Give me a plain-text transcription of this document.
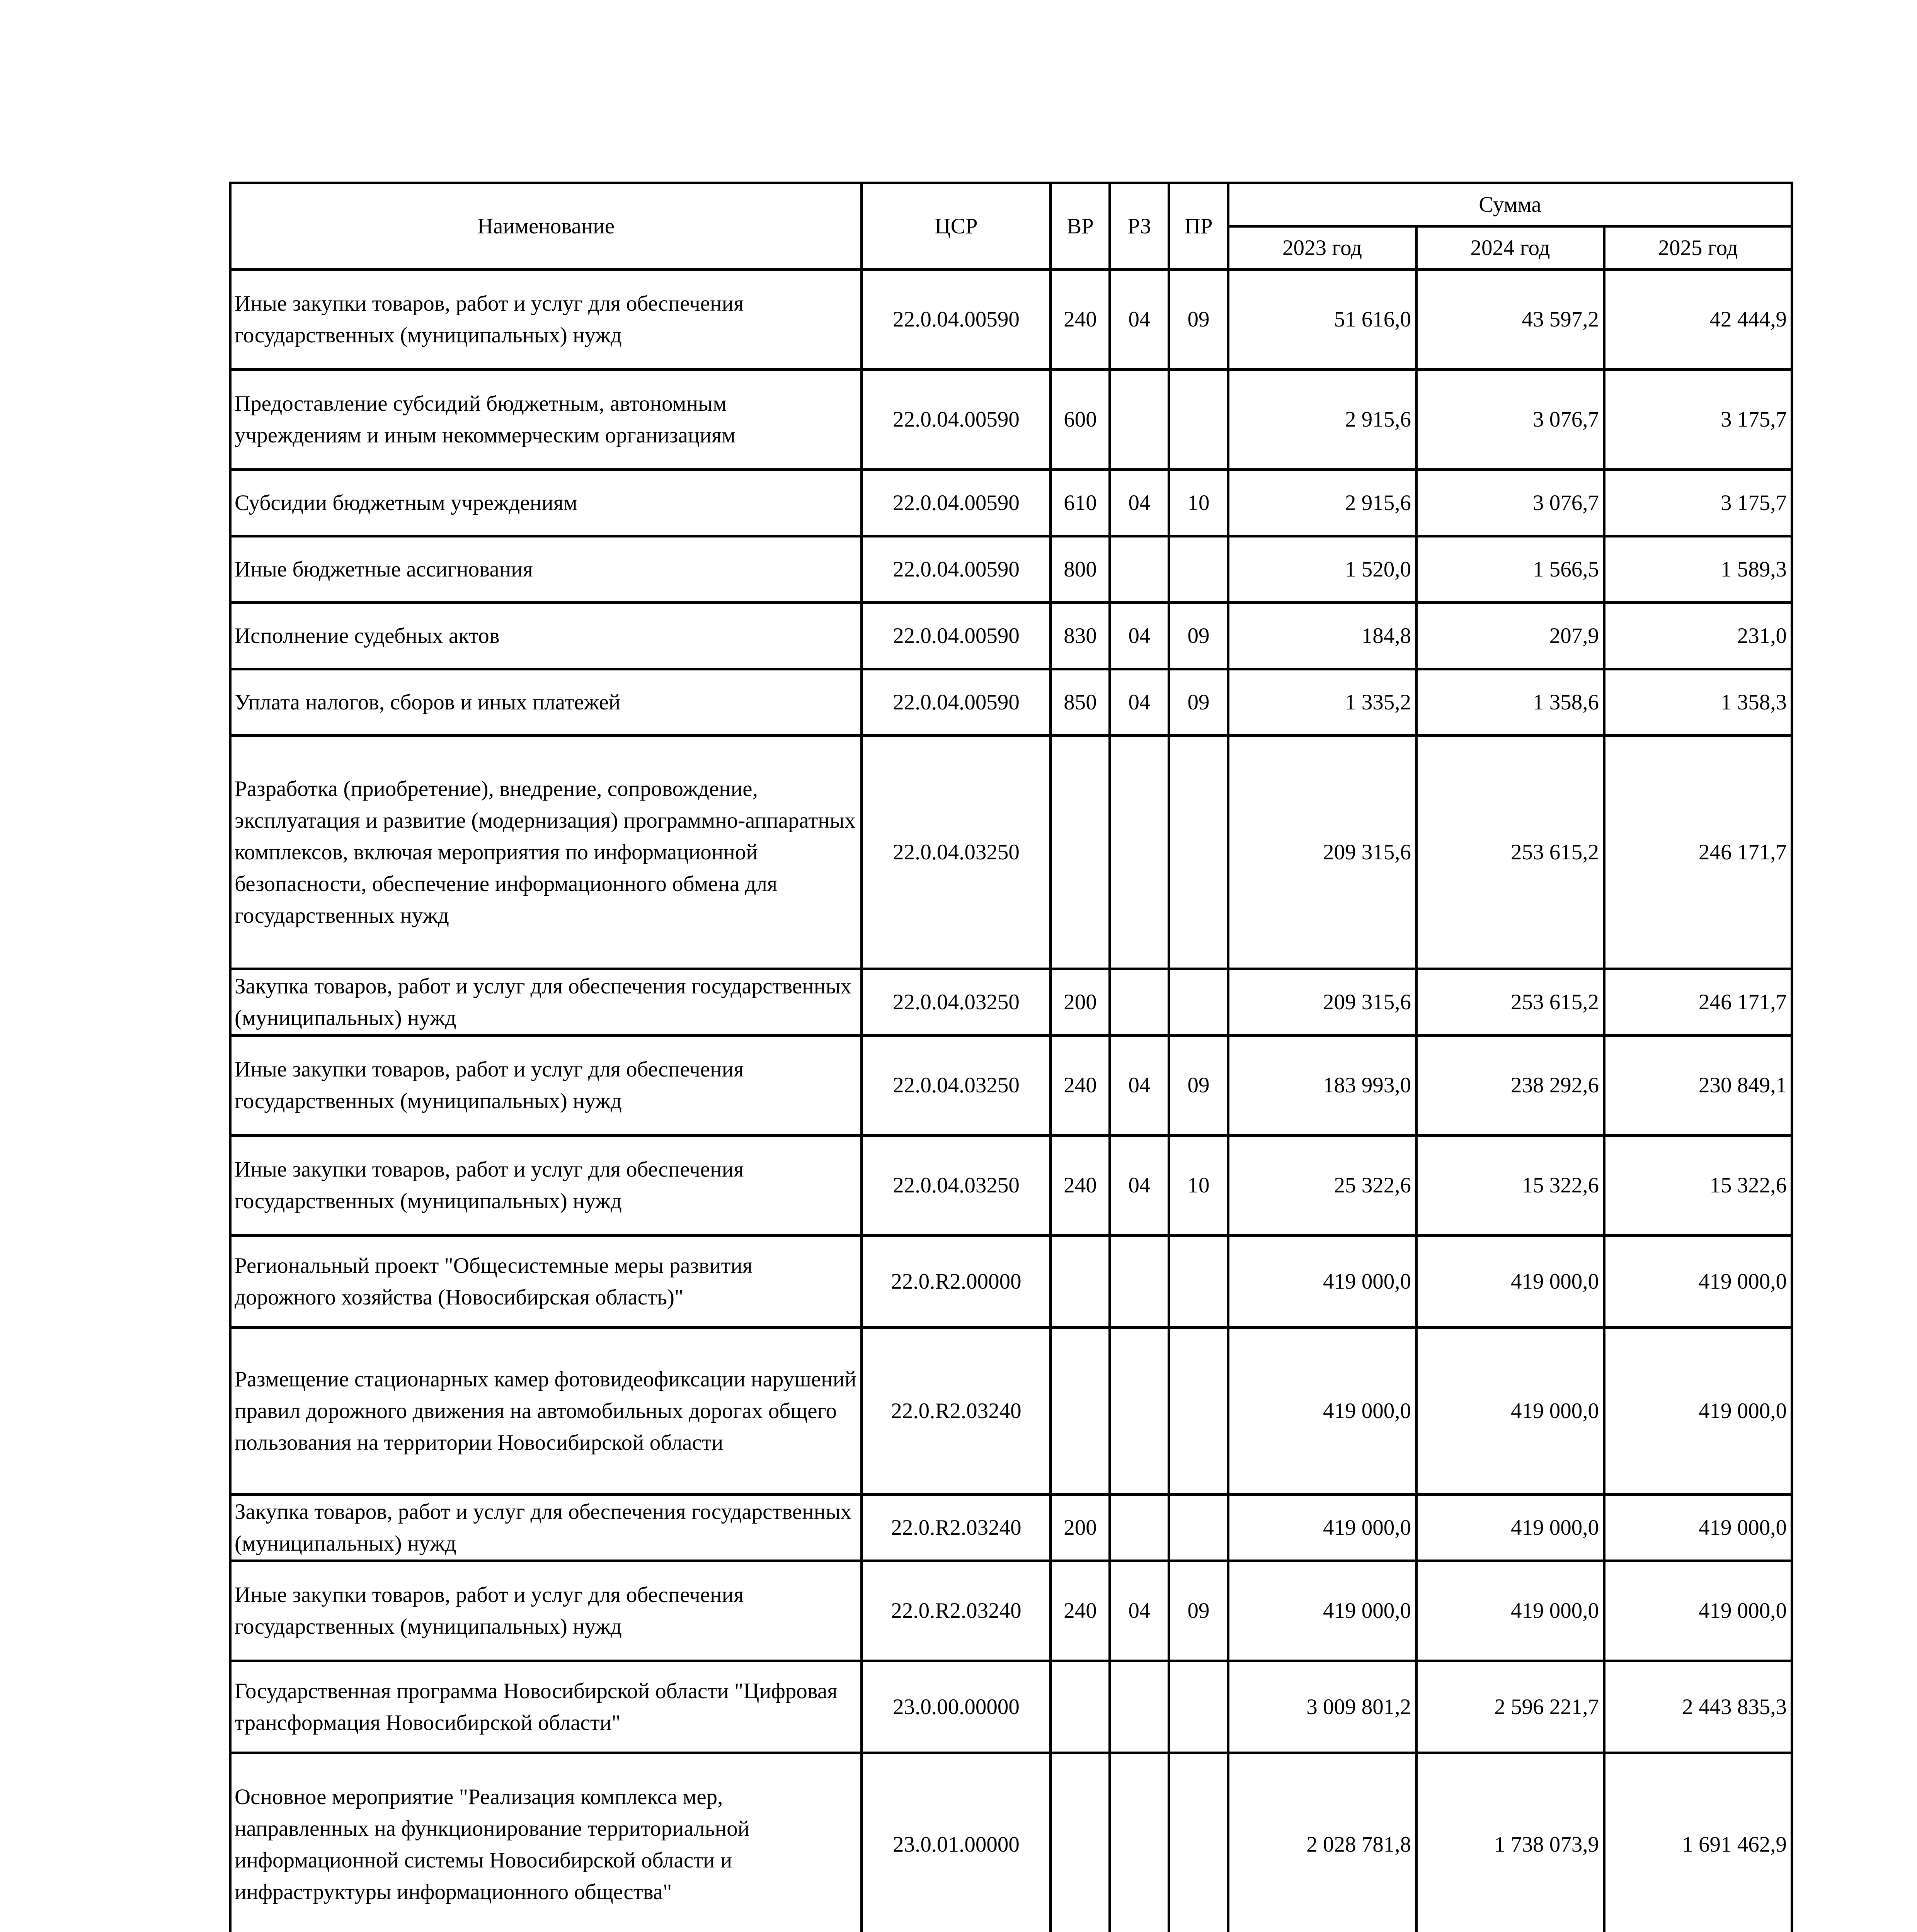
Наименование	ЦСР	ВР	РЗ	ПР	Сумма		
					2023 год	2024 год	2025 год
Иные закупки товаров, работ и услуг для обеспечения государственных (муниципальных) нужд	22.0.04.00590	240	04	09	51 616,0	43 597,2	42 444,9
Предоставление субсидий бюджетным, автономным учреждениям и иным некоммерческим организациям	22.0.04.00590	600			2 915,6	3 076,7	3 175,7
Субсидии бюджетным учреждениям	22.0.04.00590	610	04	10	2 915,6	3 076,7	3 175,7
Иные бюджетные ассигнования	22.0.04.00590	800			1 520,0	1 566,5	1 589,3
Исполнение судебных актов	22.0.04.00590	830	04	09	184,8	207,9	231,0
Уплата налогов, сборов и иных платежей	22.0.04.00590	850	04	09	1 335,2	1 358,6	1 358,3
Разработка (приобретение), внедрение, сопровождение, эксплуатация и развитие (модернизация) программно-аппаратных комплексов, включая мероприятия по информационной безопасности, обеспечение информационного обмена для государственных нужд	22.0.04.03250				209 315,6	253 615,2	246 171,7
Закупка товаров, работ и услуг для обеспечения государственных (муниципальных) нужд	22.0.04.03250	200			209 315,6	253 615,2	246 171,7
Иные закупки товаров, работ и услуг для обеспечения государственных (муниципальных) нужд	22.0.04.03250	240	04	09	183 993,0	238 292,6	230 849,1
Иные закупки товаров, работ и услуг для обеспечения государственных (муниципальных) нужд	22.0.04.03250	240	04	10	25 322,6	15 322,6	15 322,6
Региональный проект "Общесистемные меры развития дорожного хозяйства (Новосибирская область)"	22.0.R2.00000				419 000,0	419 000,0	419 000,0
Размещение стационарных камер фотовидеофиксации нарушений правил дорожного движения на автомобильных дорогах общего пользования на территории Новосибирской области	22.0.R2.03240				419 000,0	419 000,0	419 000,0
Закупка товаров, работ и услуг для обеспечения государственных (муниципальных) нужд	22.0.R2.03240	200			419 000,0	419 000,0	419 000,0
Иные закупки товаров, работ и услуг для обеспечения государственных (муниципальных) нужд	22.0.R2.03240	240	04	09	419 000,0	419 000,0	419 000,0
Государственная программа Новосибирской области "Цифровая трансформация Новосибирской области"	23.0.00.00000				3 009 801,2	2 596 221,7	2 443 835,3
Основное мероприятие "Реализация комплекса мер, направленных на функционирование территориальной информационной системы Новосибирской области и инфраструктуры информационного общества"	23.0.01.00000				2 028 781,8	1 738 073,9	1 691 462,9
